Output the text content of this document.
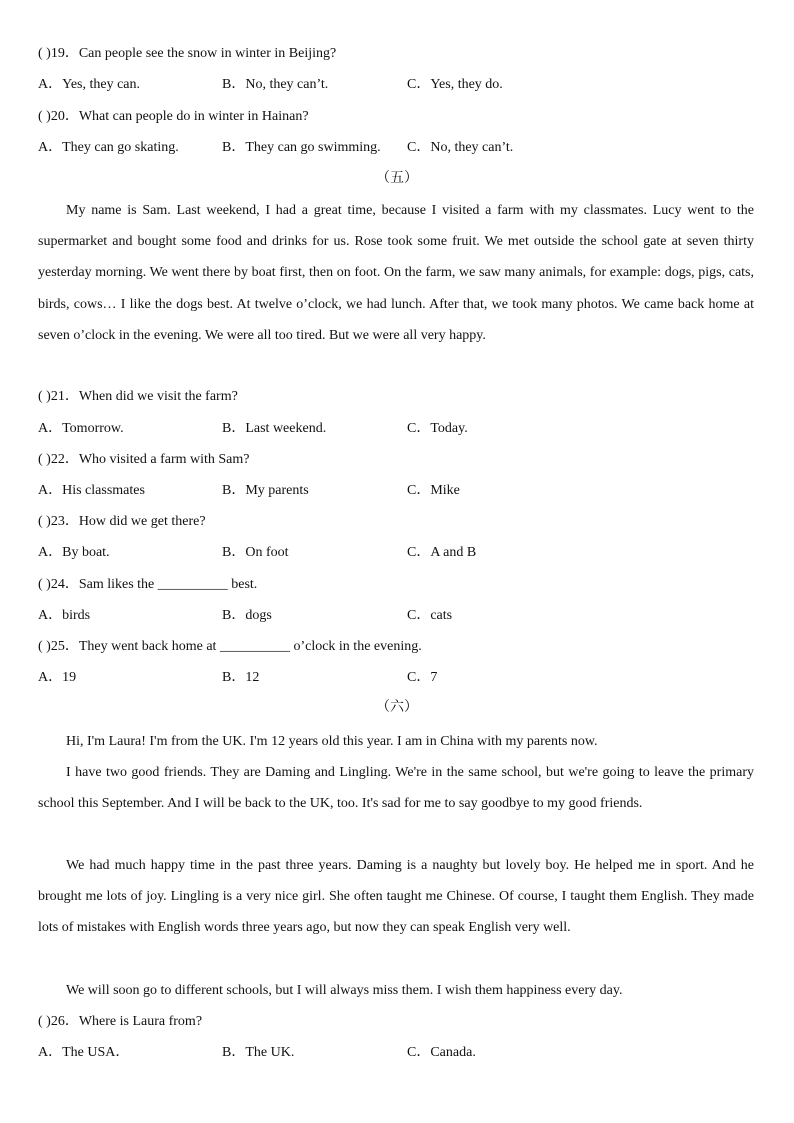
( )19．Can people see the snow in winter in Beijing?
A．Yes, they can.	B．No, they can’t.	C．Yes, they do.
( )20．What can people do in winter in Hainan?
A．They can go skating.	B．They can go swimming. C．No, they can’t.
（五）

My name is Sam. Last weekend, I had a great time, because I visited a farm with my classmates. Lucy went to the supermarket and bought some food and drinks for us. Rose took some fruit. We met outside the school gate at seven thirty yesterday morning. We went there by boat first, then on foot. On the farm, we saw many animals, for example: dogs, pigs, cats, birds, cows… I like the dogs best. At twelve o’clock, we had lunch. After that, we took many photos. We came back home at seven o’clock in the evening. We were all too tired. But we were all very happy.

( )21．When did we visit the farm?
A．Tomorrow.	B．Last weekend.	C．Today.
( )22．Who visited a farm with Sam?
A．His classmates	B．My parents	C．Mike
( )23．How did we get there?
A．By boat.	B．On foot	C．A and B
( )24．Sam likes the __________ best.
A．birds	B．dogs	C．cats
( )25．They went back home at __________ o’clock in the evening.
A．19	B．12	C．7
（六）

Hi, I'm Laura! I'm from the UK. I'm 12 years old this year. I am in China with my parents now.

I have two good friends. They are Daming and Lingling. We're in the same school, but we're going to leave the primary school this September. And I will be back to the UK, too. It's sad for me to say goodbye to my good friends.

We had much happy time in the past three years. Daming is a naughty but lovely boy. He helped me in sport. And he brought me lots of joy. Lingling is a very nice girl. She often taught me Chinese. Of course, I taught them English. They made lots of mistakes with English words three years ago, but now they can speak English very well.

We will soon go to different schools, but I will always miss them. I wish them happiness every day.

( )26．Where is Laura from?
A．The USA．	B．The UK.	C．Canada.
